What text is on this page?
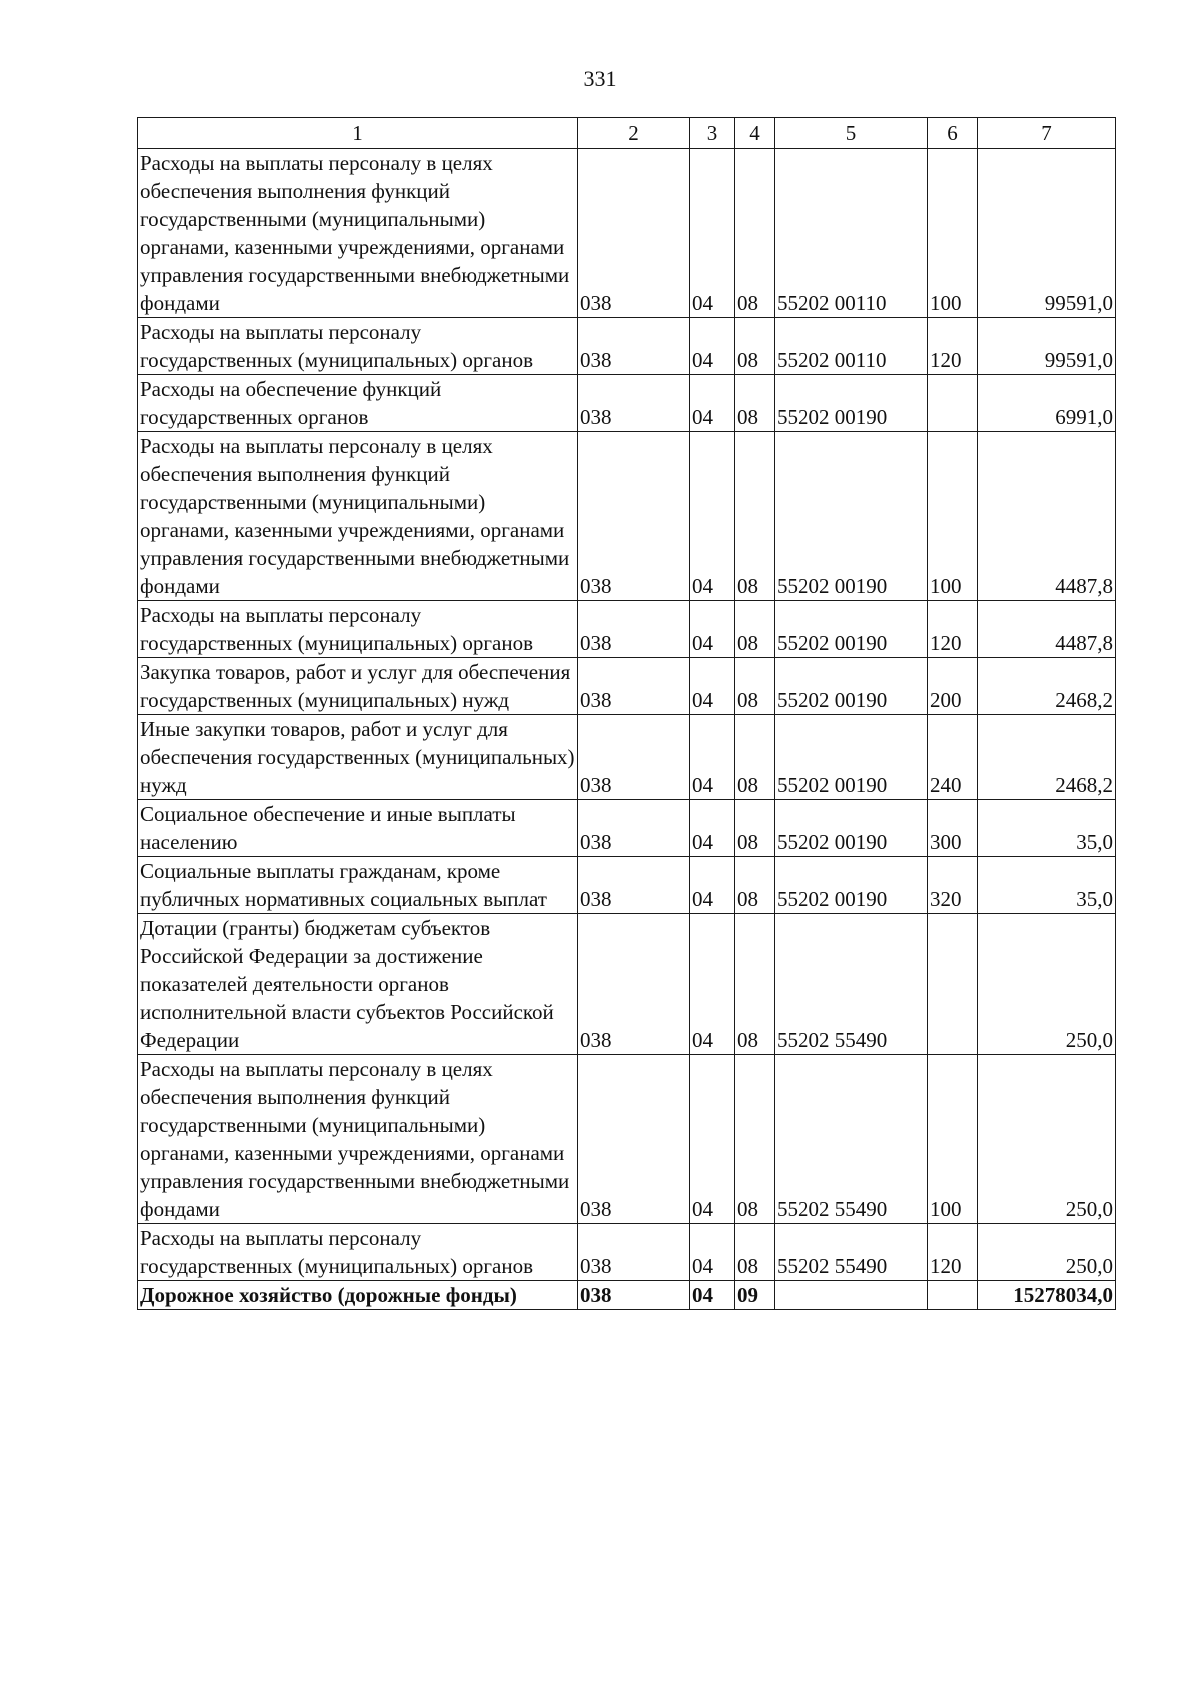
331
1	2	3	4	5	6	7
Расходы на выплаты персоналу в целях обеспечения выполнения функций государственными (муниципальными) органами, казенными учреждениями, органами управления государственными внебюджетными фондами	038	04	08	55202 00110	100	99591,0
Расходы на выплаты персоналу государственных (муниципальных) органов	038	04	08	55202 00110	120	99591,0
Расходы на обеспечение функций государственных органов	038	04	08	55202 00190		6991,0
Расходы на выплаты персоналу в целях обеспечения выполнения функций государственными (муниципальными) органами, казенными учреждениями, органами управления государственными внебюджетными фондами	038	04	08	55202 00190	100	4487,8
Расходы на выплаты персоналу государственных (муниципальных) органов	038	04	08	55202 00190	120	4487,8
Закупка товаров, работ и услуг для обеспечения государственных (муниципальных) нужд	038	04	08	55202 00190	200	2468,2
Иные закупки товаров, работ и услуг для обеспечения государственных (муниципальных) нужд	038	04	08	55202 00190	240	2468,2
Социальное обеспечение и иные выплаты населению	038	04	08	55202 00190	300	35,0
Социальные выплаты гражданам, кроме публичных нормативных социальных выплат	038	04	08	55202 00190	320	35,0
Дотации (гранты) бюджетам субъектов Российской Федерации за достижение показателей деятельности органов исполнительной власти субъектов Российской Федерации	038	04	08	55202 55490		250,0
Расходы на выплаты персоналу в целях обеспечения выполнения функций государственными (муниципальными) органами, казенными учреждениями, органами управления государственными внебюджетными фондами	038	04	08	55202 55490	100	250,0
Расходы на выплаты персоналу государственных (муниципальных) органов	038	04	08	55202 55490	120	250,0
Дорожное хозяйство (дорожные фонды)	038	04	09			15278034,0
